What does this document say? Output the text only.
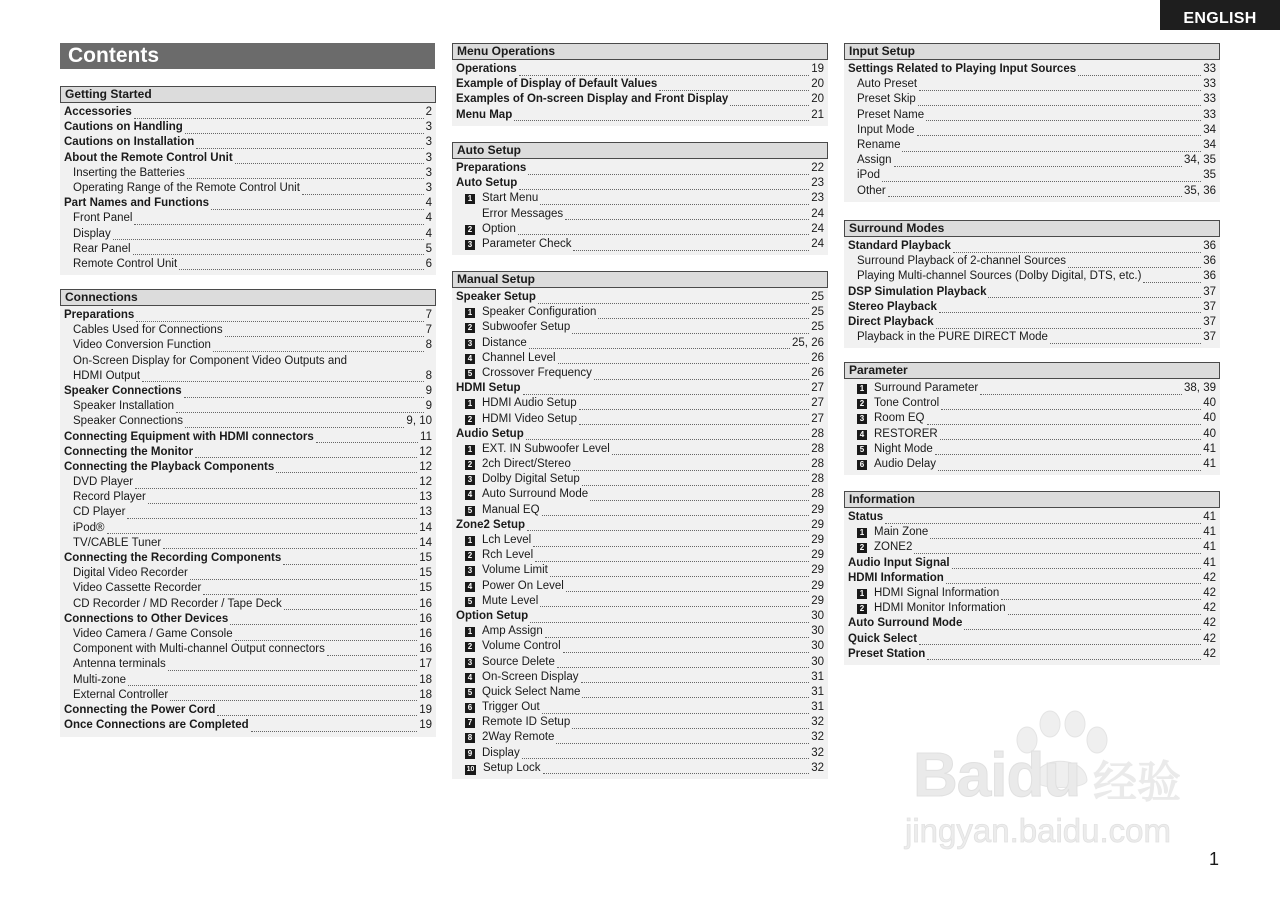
ENGLISH
Contents
Getting Started
Accessories	2
Cautions on Handling	3
Cautions on Installation	3
About the Remote Control Unit	3
Inserting the Batteries	3
Operating Range of the Remote Control Unit	3
Part Names and Functions	4
Front Panel	4
Display	4
Rear Panel	5
Remote Control Unit	6
Connections
Preparations	7
Cables Used for Connections	7
Video Conversion Function	8
On-Screen Display for Component Video Outputs and
HDMI Output	8
Speaker Connections	9
Speaker Installation	9
Speaker Connections	9, 10
Connecting Equipment with HDMI connectors	11
Connecting the Monitor	12
Connecting the Playback Components	12
DVD Player	12
Record Player	13
CD Player	13
iPod®	14
TV/CABLE Tuner	14
Connecting the Recording Components	15
Digital Video Recorder	15
Video Cassette Recorder	15
CD Recorder / MD Recorder / Tape Deck	16
Connections to Other Devices	16
Video Camera / Game Console	16
Component with Multi-channel Output connectors	16
Antenna terminals	17
Multi-zone	18
External Controller	18
Connecting the Power Cord	19
Once Connections are Completed	19
Menu Operations
Operations	19
Example of Display of Default Values	20
Examples of On-screen Display and Front Display	20
Menu Map	21
Auto Setup
Preparations	22
Auto Setup	23
1 Start Menu	23
Error Messages	24
2 Option	24
3 Parameter Check	24
Manual Setup
Speaker Setup	25
1 Speaker Configuration	25
2 Subwoofer Setup	25
3 Distance	25, 26
4 Channel Level	26
5 Crossover Frequency	26
HDMI Setup	27
1 HDMI Audio Setup	27
2 HDMI Video Setup	27
Audio Setup	28
1 EXT. IN Subwoofer Level	28
2 2ch Direct/Stereo	28
3 Dolby Digital Setup	28
4 Auto Surround Mode	28
5 Manual EQ	29
Zone2 Setup	29
1 Lch Level	29
2 Rch Level	29
3 Volume Limit	29
4 Power On Level	29
5 Mute Level	29
Option Setup	30
1 Amp Assign	30
2 Volume Control	30
3 Source Delete	30
4 On-Screen Display	31
5 Quick Select Name	31
6 Trigger Out	31
7 Remote ID Setup	32
8 2Way Remote	32
9 Display	32
10 Setup Lock	32
Input Setup
Settings Related to Playing Input Sources	33
Auto Preset	33
Preset Skip	33
Preset Name	33
Input Mode	34
Rename	34
Assign	34, 35
iPod	35
Other	35, 36
Surround Modes
Standard Playback	36
Surround Playback of 2-channel Sources	36
Playing Multi-channel Sources (Dolby Digital, DTS, etc.)	36
DSP Simulation Playback	37
Stereo Playback	37
Direct Playback	37
Playback in the PURE DIRECT Mode	37
Parameter
1 Surround Parameter	38, 39
2 Tone Control	40
3 Room EQ	40
4 RESTORER	40
5 Night Mode	41
6 Audio Delay	41
Information
Status	41
1 Main Zone	41
2 ZONE2	41
Audio Input Signal	41
HDMI Information	42
1 HDMI Signal Information	42
2 HDMI Monitor Information	42
Auto Surround Mode	42
Quick Select	42
Preset Station	42
Baidu 经验
jingyan.baidu.com
1
